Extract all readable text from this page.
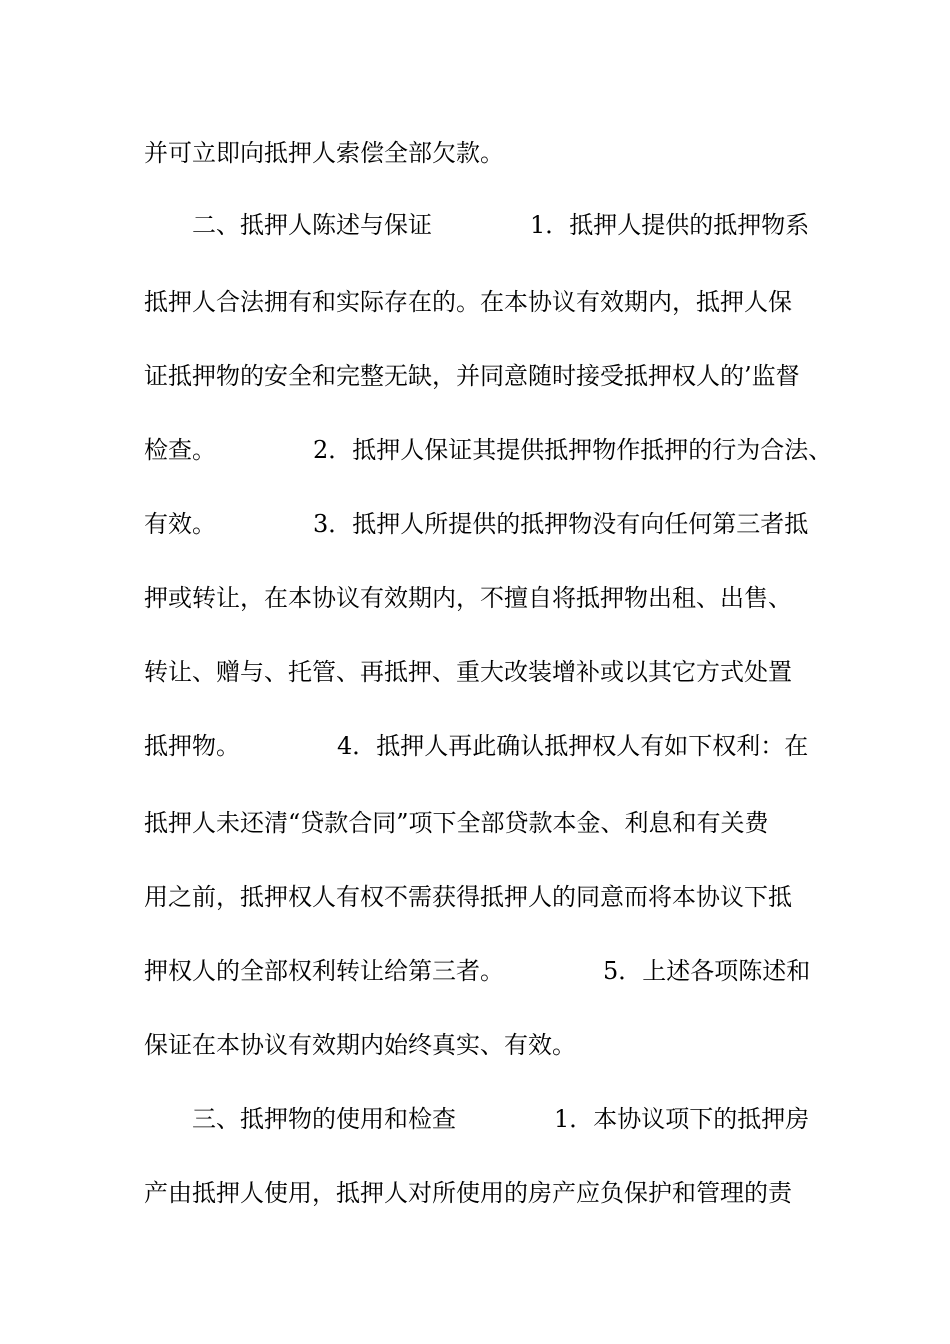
并可立即向抵押人索偿全部欠款。

二、抵押人陈述与保证

	1．抵押人提供的抵押物系

抵押人合法拥有和实际存在的。在本协议有效期内，抵押人保

证抵押物的安全和完整无缺，并同意随时接受抵押权人的’监督

检查。

	2．抵押人保证其提供抵押物作抵押的行为合法、

有效。

	3．抵押人所提供的抵押物没有向任何第三者抵

押或转让，在本协议有效期内，不擅自将抵押物出租、出售、

转让、赠与、托管、再抵押、重大改装增补或以其它方式处置

抵押物。

	4．抵押人再此确认抵押权人有如下权利：在

抵押人未还清“贷款合同”项下全部贷款本金、利息和有关费

用之前，抵押权人有权不需获得抵押人的同意而将本协议下抵

押权人的全部权利转让给第三者。

	5．上述各项陈述和

保证在本协议有效期内始终真实、有效。

三、抵押物的使用和检查

	1．本协议项下的抵押房

产由抵押人使用，抵押人对所使用的房产应负保护和管理的责
